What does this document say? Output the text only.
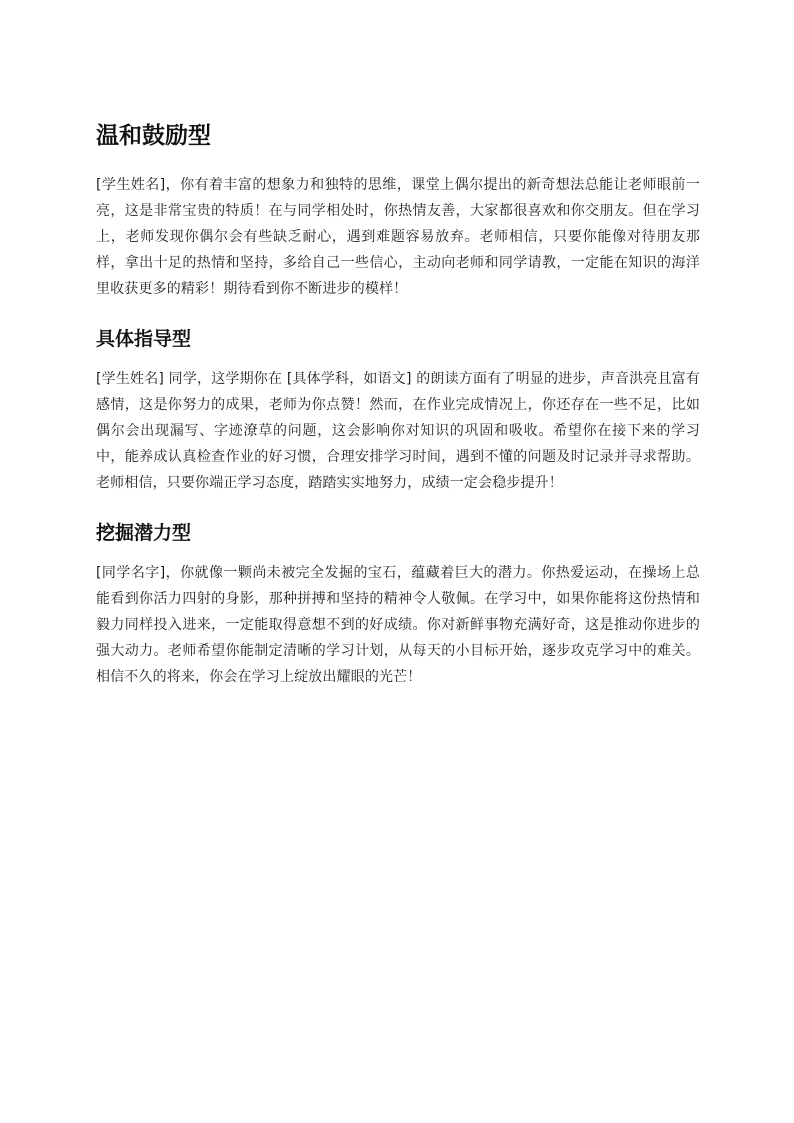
温和鼓励型

[学生姓名]，你有着丰富的想象力和独特的思维，课堂上偶尔提出的新奇想法总能让老师眼前一亮，这是非常宝贵的特质！在与同学相处时，你热情友善，大家都很喜欢和你交朋友。但在学习上，老师发现你偶尔会有些缺乏耐心，遇到难题容易放弃。老师相信，只要你能像对待朋友那样，拿出十足的热情和坚持，多给自己一些信心，主动向老师和同学请教，一定能在知识的海洋里收获更多的精彩！期待看到你不断进步的模样！

具体指导型

[学生姓名] 同学，这学期你在 [具体学科，如语文] 的朗读方面有了明显的进步，声音洪亮且富有感情，这是你努力的成果，老师为你点赞！然而，在作业完成情况上，你还存在一些不足，比如偶尔会出现漏写、字迹潦草的问题，这会影响你对知识的巩固和吸收。希望你在接下来的学习中，能养成认真检查作业的好习惯，合理安排学习时间，遇到不懂的问题及时记录并寻求帮助。老师相信，只要你端正学习态度，踏踏实实地努力，成绩一定会稳步提升！

挖掘潜力型

[同学名字]，你就像一颗尚未被完全发掘的宝石，蕴藏着巨大的潜力。你热爱运动，在操场上总能看到你活力四射的身影，那种拼搏和坚持的精神令人敬佩。在学习中，如果你能将这份热情和毅力同样投入进来，一定能取得意想不到的好成绩。你对新鲜事物充满好奇，这是推动你进步的强大动力。老师希望你能制定清晰的学习计划，从每天的小目标开始，逐步攻克学习中的难关。相信不久的将来，你会在学习上绽放出耀眼的光芒！
